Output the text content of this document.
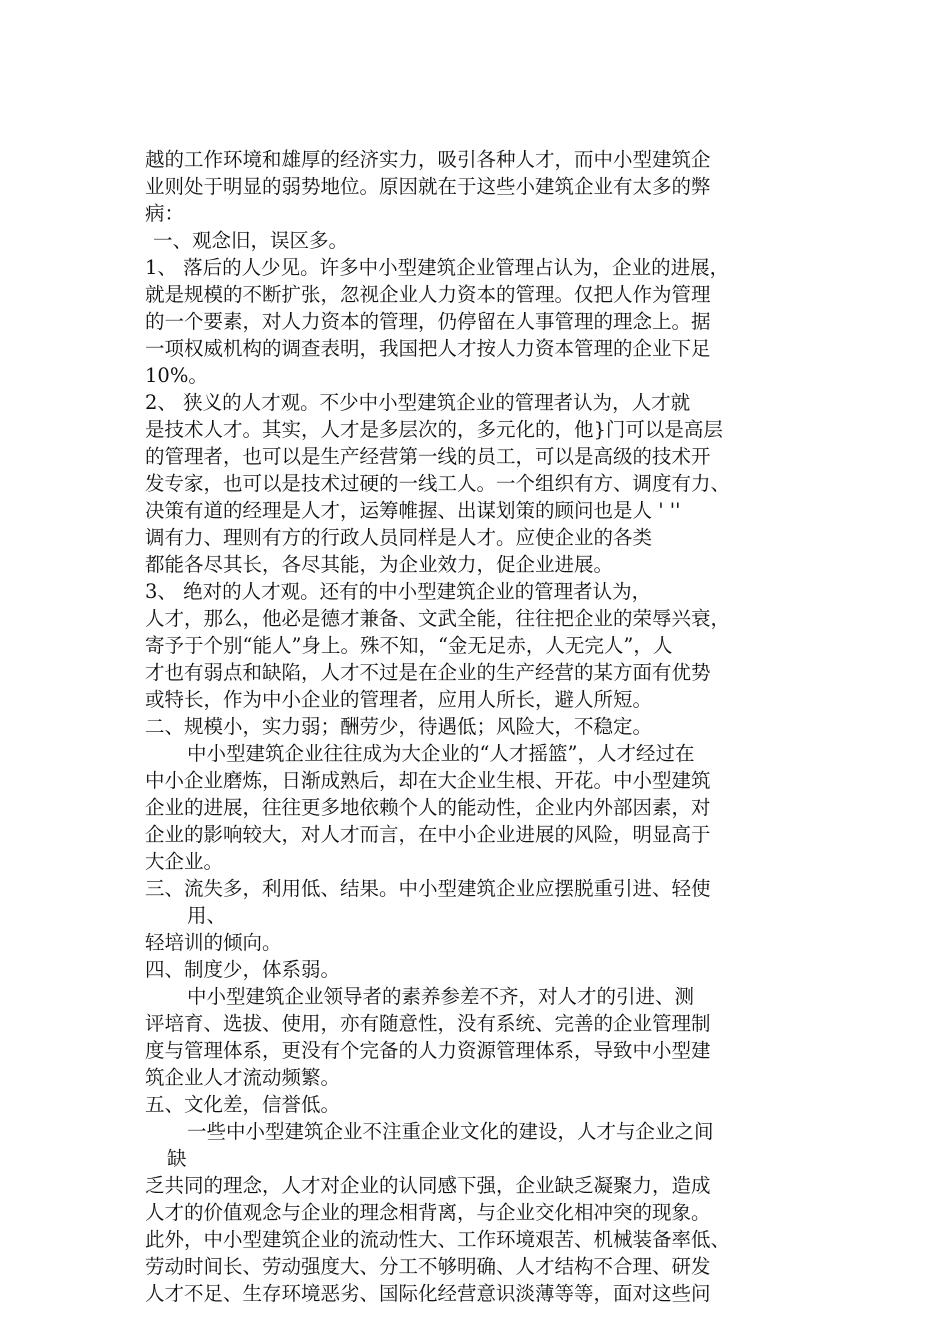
越的工作环境和雄厚的经济实力，吸引各种人才，而中小型建筑企
业则处于明显的弱势地位。原因就在于这些小建筑企业有太多的弊
病：
一、观念旧，误区多。
1、 落后的人少见。许多中小型建筑企业管理占认为，企业的进展，
就是规模的不断扩张，忽视企业人力资本的管理。仅把人作为管理
的一个要素，对人力资本的管理，仍停留在人事管理的理念上。据
一项权威机构的调查表明，我国把人才按人力资本管理的企业下足
10%。
2、 狭义的人才观。不少中小型建筑企业的管理者认为，人才就
是技术人才。其实，人才是多层次的，多元化的，他}门可以是高层
的管理者，也可以是生产经营第一线的员工，可以是高级的技术开
发专家，也可以是技术过硬的一线工人。一个组织有方、调度有力、
决策有道的经理是人才，运筹帷握、出谋划策的顾问也是人 ' ''
调有力、理则有方的行政人员同样是人才。应使企业的各类
都能各尽其长，各尽其能，为企业效力，促企业进展。
3、 绝对的人才观。还有的中小型建筑企业的管理者认为，
人才，那么，他必是德才兼备、文武全能，往往把企业的荣辱兴衰，
寄予于个别“能人”身上。殊不知，“金无足赤，人无完人”，人
才也有弱点和缺陷，人才不过是在企业的生产经营的某方面有优势
或特长，作为中小企业的管理者，应用人所长，避人所短。
二、规模小，实力弱；酬劳少，待遇低；风险大，不稳定。
中小型建筑企业往往成为大企业的“人才摇篮”，人才经过在
中小企业磨炼，日渐成熟后，却在大企业生根、开花。中小型建筑
企业的进展，往往更多地依赖个人的能动性，企业内外部因素，对
企业的影响较大，对人才而言，在中小企业进展的风险，明显高于
大企业。
三、流失多，利用低、结果。中小型建筑企业应摆脱重引进、轻使
用、
轻培训的倾向。
四、制度少，体系弱。
中小型建筑企业领导者的素养参差不齐，对人才的引进、测
评培育、选拔、使用，亦有随意性，没有系统、完善的企业管理制
度与管理体系，更没有个完备的人力资源管理体系，导致中小型建
筑企业人才流动频繁。
五、文化差，信誉低。
一些中小型建筑企业不注重企业文化的建设，人才与企业之间
缺
乏共同的理念，人才对企业的认同感下强，企业缺乏凝聚力，造成
人才的价值观念与企业的理念相背离，与企业交化相冲突的现象。
此外，中小型建筑企业的流动性大、工作环境艰苦、机械装备率低、
劳动时间长、劳动强度大、分工不够明确、人才结构不合理、研发
人才不足、生存环境恶劣、国际化经营意识淡薄等等，面对这些问
